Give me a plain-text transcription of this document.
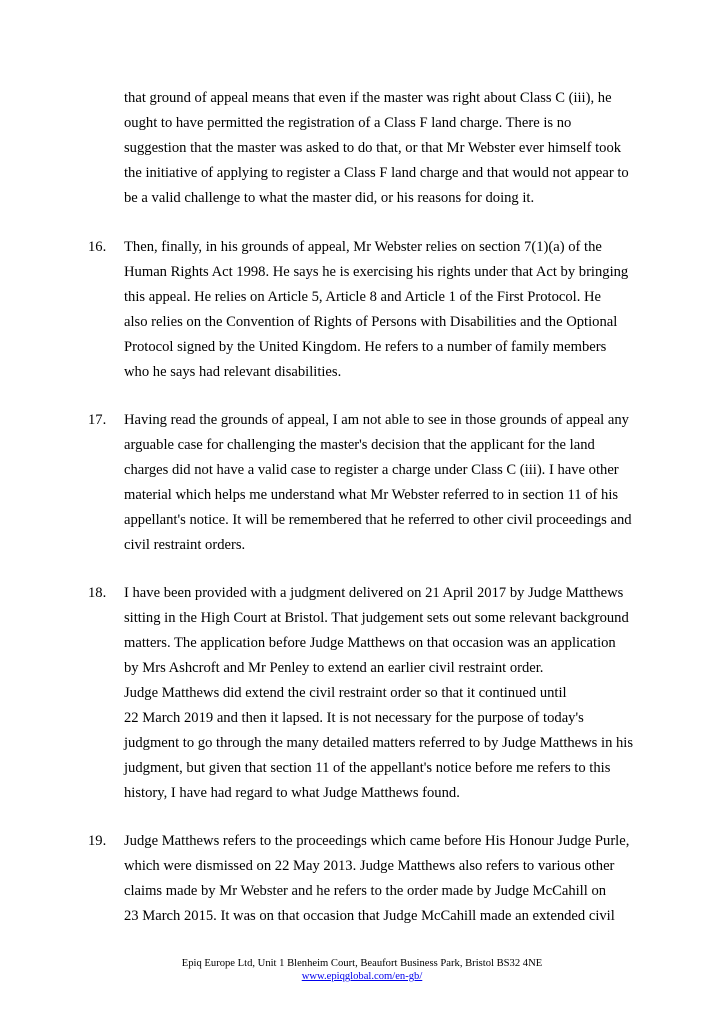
that ground of appeal means that even if the master was right about Class C (iii), he
ought to have permitted the registration of a Class F land charge. There is no
suggestion that the master was asked to do that, or that Mr Webster ever himself took
the initiative of applying to register a Class F land charge and that would not appear to
be a valid challenge to what the master did, or his reasons for doing it.
16. Then, finally, in his grounds of appeal, Mr Webster relies on section 7(1)(a) of the
Human Rights Act 1998. He says he is exercising his rights under that Act by bringing
this appeal. He relies on Article 5, Article 8 and Article 1 of the First Protocol. He
also relies on the Convention of Rights of Persons with Disabilities and the Optional
Protocol signed by the United Kingdom. He refers to a number of family members
who he says had relevant disabilities.
17. Having read the grounds of appeal, I am not able to see in those grounds of appeal any
arguable case for challenging the master's decision that the applicant for the land
charges did not have a valid case to register a charge under Class C (iii). I have other
material which helps me understand what Mr Webster referred to in section 11 of his
appellant's notice. It will be remembered that he referred to other civil proceedings and
civil restraint orders.
18. I have been provided with a judgment delivered on 21 April 2017 by Judge Matthews
sitting in the High Court at Bristol. That judgement sets out some relevant background
matters. The application before Judge Matthews on that occasion was an application
by Mrs Ashcroft and Mr Penley to extend an earlier civil restraint order.
Judge Matthews did extend the civil restraint order so that it continued until
22 March 2019 and then it lapsed. It is not necessary for the purpose of today's
judgment to go through the many detailed matters referred to by Judge Matthews in his
judgment, but given that section 11 of the appellant's notice before me refers to this
history, I have had regard to what Judge Matthews found.
19. Judge Matthews refers to the proceedings which came before His Honour Judge Purle,
which were dismissed on 22 May 2013. Judge Matthews also refers to various other
claims made by Mr Webster and he refers to the order made by Judge McCahill on
23 March 2015. It was on that occasion that Judge McCahill made an extended civil
Epiq Europe Ltd, Unit 1 Blenheim Court, Beaufort Business Park, Bristol BS32 4NE
www.epiqglobal.com/en-gb/
